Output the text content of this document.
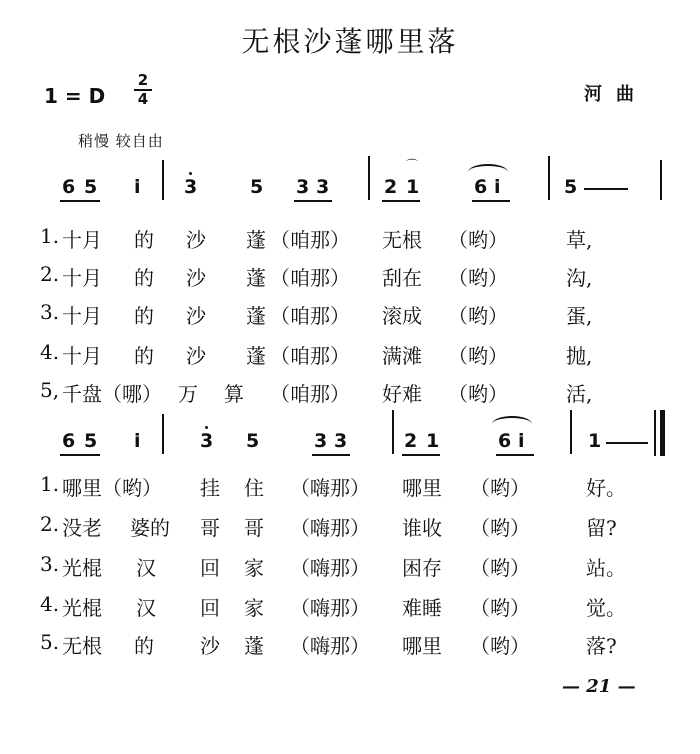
无根沙蓬哪里落
1 = D
2
4	河曲
稍慢 较自由
6 5 i 3	5 3 3
⌒
2 1	6 i	5
1. 十月 的 沙 蓬 （咱那） 无根 （哟）	草,
2. 十月 的 沙 蓬 （咱那） 刮在 （哟）	沟,
3. 十月 的 沙 蓬 （咱那） 滚成 （哟）	蛋,
4. 十月 的 沙 蓬 （咱那） 满滩 （哟）	抛,
5, 千盘（哪） 万 算 （咱那） 好难 （哟）	活,
6 5 i	3 5	3 3	2 1	6 i	1
1. 哪里（哟） 挂 住 （嗨那） 哪里 （哟）	好。
2. 没老 婆的 哥 哥 （嗨那） 谁收 （哟）	留?
3. 光棍 汉 回 家 （嗨那） 困存 （哟）	站。
4. 光棍 汉 回 家 （嗨那） 难睡 （哟）	觉。
5. 无根 的 沙 蓬 （嗨那） 哪里 （哟）	落?
— 21 —
